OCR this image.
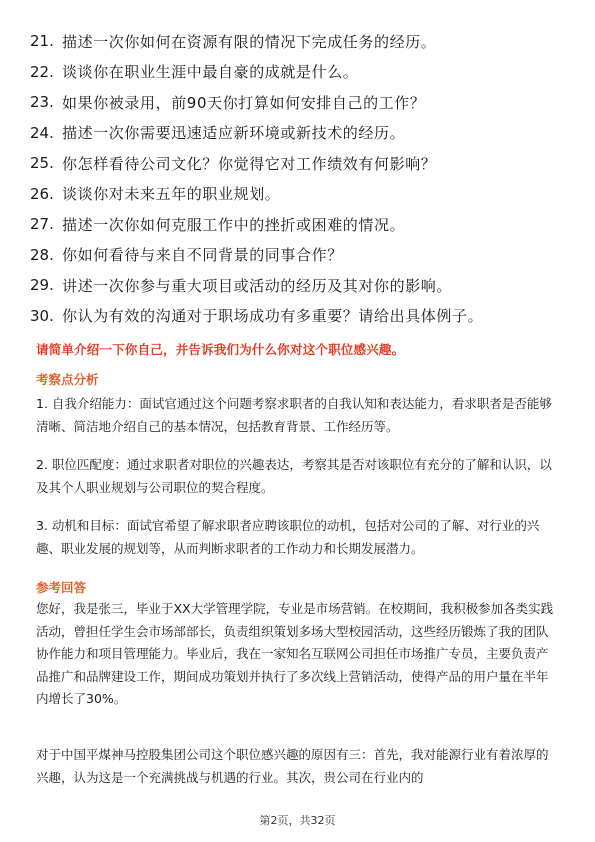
21. 描述一次你如何在资源有限的情况下完成任务的经历。
22. 谈谈你在职业生涯中最自豪的成就是什么。
23. 如果你被录用，前90天你打算如何安排自己的工作？
24. 描述一次你需要迅速适应新环境或新技术的经历。
25. 你怎样看待公司文化？你觉得它对工作绩效有何影响？
26. 谈谈你对未来五年的职业规划。
27. 描述一次你如何克服工作中的挫折或困难的情况。
28. 你如何看待与来自不同背景的同事合作？
29. 讲述一次你参与重大项目或活动的经历及其对你的影响。
30. 你认为有效的沟通对于职场成功有多重要？请给出具体例子。
请简单介绍一下你自己，并告诉我们为什么你对这个职位感兴趣。
考察点分析
1. 自我介绍能力：面试官通过这个问题考察求职者的自我认知和表达能力，看求职者是否能够清晰、简洁地介绍自己的基本情况，包括教育背景、工作经历等。
2. 职位匹配度：通过求职者对职位的兴趣表达，考察其是否对该职位有充分的了解和认识，以及其个人职业规划与公司职位的契合程度。
3. 动机和目标：面试官希望了解求职者应聘该职位的动机，包括对公司的了解、对行业的兴趣、职业发展的规划等，从而判断求职者的工作动力和长期发展潜力。
参考回答
您好，我是张三，毕业于XX大学管理学院，专业是市场营销。在校期间，我积极参加各类实践活动，曾担任学生会市场部部长，负责组织策划多场大型校园活动，这些经历锻炼了我的团队协作能力和项目管理能力。毕业后，我在一家知名互联网公司担任市场推广专员，主要负责产品推广和品牌建设工作，期间成功策划并执行了多次线上营销活动，使得产品的用户量在半年内增长了30%。
对于中国平煤神马控股集团公司这个职位感兴趣的原因有三：首先，我对能源行业有着浓厚的兴趣，认为这是一个充满挑战与机遇的行业。其次，贵公司在行业内的
第2页，共32页
